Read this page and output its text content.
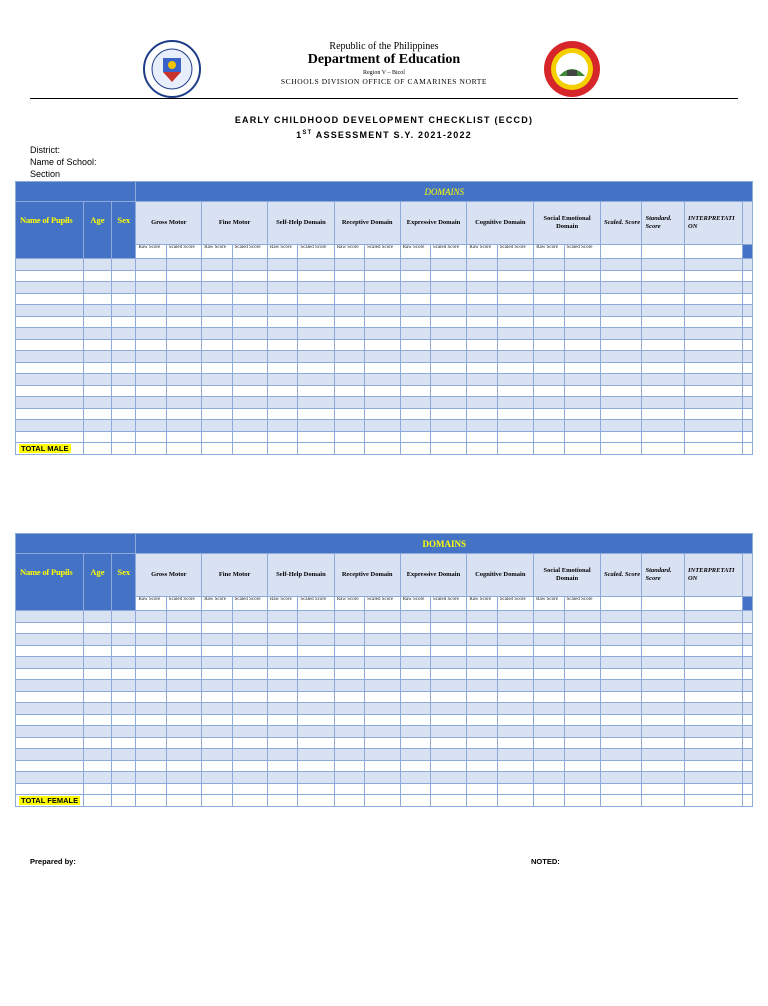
Republic of the Philippines
Department of Education
Region V – Bicol
SCHOOLS DIVISION OFFICE OF CAMARINES NORTE
EARLY CHILDHOOD DEVELOPMENT CHECKLIST (ECCD)
1ST ASSESSMENT S.Y. 2021-2022
District:
Name of School:
Section
			DOMAINS																	
Name of Pupils	Age	Sex	Gross Motor		Fine Motor		Self-Help Domain		Receptive Domain		Expressive Domain		Cognitive Domain		Social Emotional Domain		Scaled. Score	Standard. Score	INTERPRETATI ON	
			Raw Score	Scaled Score	Raw Score	Scaled Score	Raw Score	Scaled Score	Raw Score	Scaled Score	Raw Score	Scaled Score	Raw Score	Scaled Score	Raw Score	Scaled Score				

TOTAL MALE																				
			DOMAINS																	
Name of Pupils	Age	Sex	Gross Motor		Fine Motor		Self-Help Domain		Receptive Domain		Expressive Domain		Cognitive Domain		Social Emotional Domain		Scaled. Score	Standard. Score	INTERPRETATI ON	
			Raw Score	Scaled Score	Raw Score	Scaled Score	Raw Score	Scaled Score	Raw Score	Scaled Score	Raw Score	Scaled Score	Raw Score	Scaled Score	Raw Score	Scaled Score				

TOTAL FEMALE																				
Prepared by:	NOTED:
